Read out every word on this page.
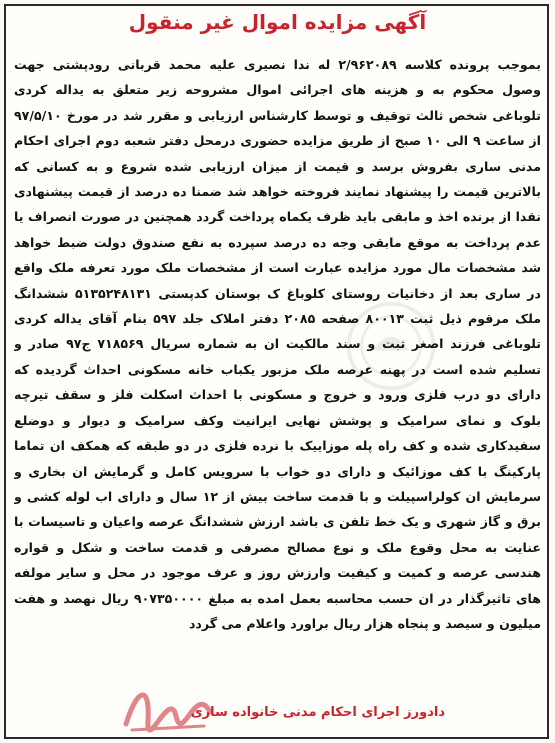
آگهی مزایده اموال غیر منقول
بموجب پرونده کلاسه ۲/۹۶۲۰۸۹ له ندا نصیری علیه محمد قربانی رودپشتی جهت وصول محکوم به و هزینه های اجرائی اموال مشروحه زیر متعلق به یداله کردی تلوباغی شخص ثالث توقیف و توسط کارشناس ارزیابی و مقرر شد در مورخ ۹۷/۵/۱۰ از ساعت ۹ الی ۱۰ صبح از طریق مزایده حضوری درمحل دفتر شعبه دوم اجرای احکام مدنی ساری بفروش برسد و قیمت از میزان ارزیابی شده شروع و به کسانی که بالاترین قیمت را پیشنهاد نمایند فروخته خواهد شد ضمنا ده درصد از قیمت پیشنهادی نقدا از برنده اخذ و مابقی باید ظرف یکماه پرداخت گردد همچنین در صورت انصراف یا عدم پرداخت به موقع مابقی وجه ده درصد سپرده به نفع صندوق دولت ضبط خواهد شد مشخصات مال مورد مزایده عبارت است از مشخصات ملک مورد تعرفه ملک واقع در ساری بعد از دخانیات روستای کلوباغ ک بوستان کدپستی ۵۱۳۵۲۴۸۱۳۱ ششدانگ ملک مرقوم ذیل ثبت ۸۰۰۱۳ صفحه ۲۰۸۵ دفتر املاک جلد ۵۹۷ بنام آقای یداله کردی تلوباغی فرزند اصغر ثبت و سند مالکیت ان به شماره سریال ۷۱۸۵۶۹ ج۹۷ صادر و تسلیم شده است در پهنه عرصه ملک مزبور یکباب خانه مسکونی احداث گردیده که دارای دو درب فلزی ورود و خروج و مسکونی با احداث اسکلت فلز و سقف تیرچه بلوک و نمای سرامیک و پوشش نهایی ایرانیت وکف سرامیک و دیوار و دوضلع سفیدکاری شده و کف راه پله موزاییک با نرده فلزی در دو طبقه که همکف ان تماما پارکینگ با کف موزائیک و دارای دو خواب با سرویس کامل و گرمایش ان بخاری و سرمایش ان کولراسپیلت و با قدمت ساخت بیش از ۱۲ سال و دارای اب لوله کشی و برق و گاز شهری و یک خط تلفن ی باشد ارزش ششدانگ عرصه واعیان و تاسیسات با عنایت به محل وقوع ملک و نوع مصالح مصرفی و قدمت ساخت و شکل و قواره هندسی عرصه و کمیت و کیفیت وارزش روز و عرف موجود در محل و سایر مولفه های تاثیرگذار در ان حسب محاسبه بعمل امده به مبلغ ۹۰۷۳۵۰۰۰۰ ریال نهصد و هفت میلیون و سیصد و پنجاه هزار ریال براورد واعلام می گردد
دادورز اجرای احکام مدنی خانواده ساری
